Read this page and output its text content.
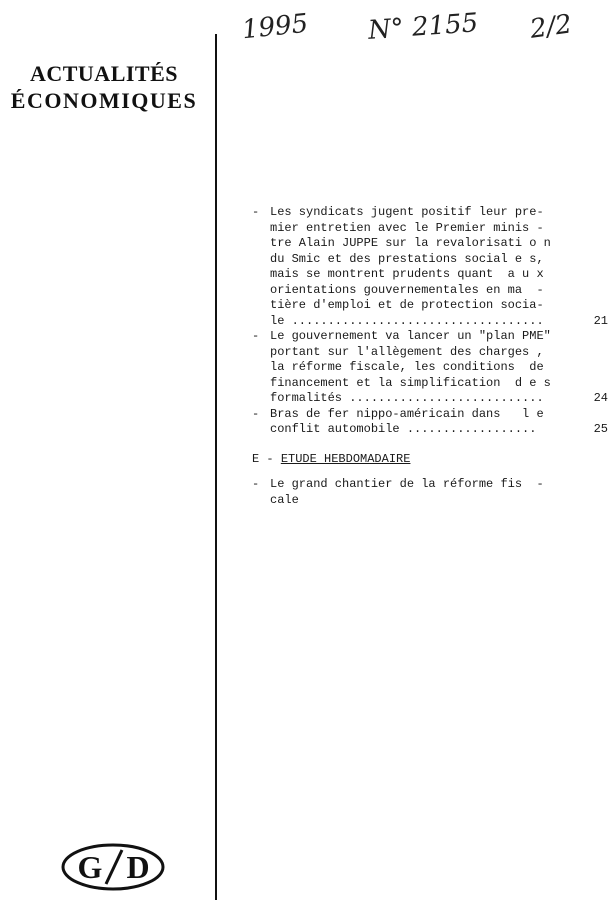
ACTUALITÉS
ÉCONOMIQUES
1995 N° 2155 2/2
- Les syndicats jugent positif leur pre-
mier entretien avec le Premier minis -
tre Alain JUPPE sur la revalorisati o n
du Smic et des prestations social e s,
mais se montrent prudents quant  a u x
orientations gouvernementales en ma  -
tière d'emploi et de protection socia-
le ...................................	21
- Le gouvernement va lancer un "plan PME"
portant sur l'allègement des charges ,
la réforme fiscale, les conditions  de
financement et la simplification  d e s
formalités ...........................	24
- Bras de fer nippo-américain dans   l e
conflit automobile ..................	25
E - ETUDE HEBDOMADAIRE
- Le grand chantier de la réforme fis  -
cale
G D
